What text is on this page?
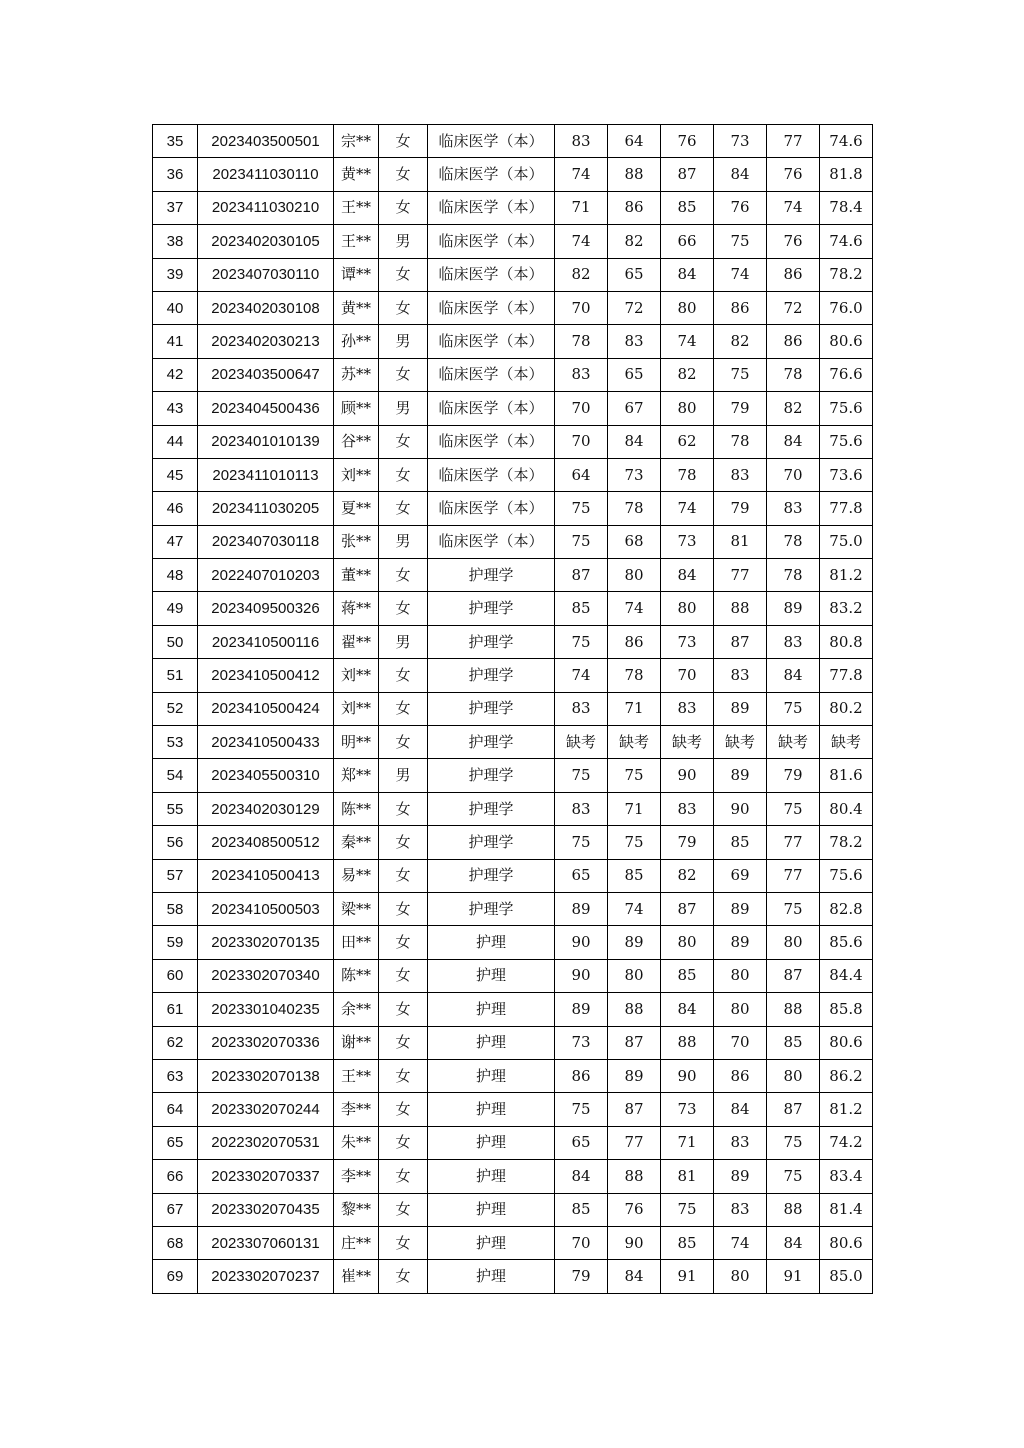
35	2023403500501	宗**	女	临床医学（本）	83	64	76	73	77	74.6
36	2023411030110	黄**	女	临床医学（本）	74	88	87	84	76	81.8
37	2023411030210	王**	女	临床医学（本）	71	86	85	76	74	78.4
38	2023402030105	王**	男	临床医学（本）	74	82	66	75	76	74.6
39	2023407030110	谭**	女	临床医学（本）	82	65	84	74	86	78.2
40	2023402030108	黄**	女	临床医学（本）	70	72	80	86	72	76.0
41	2023402030213	孙**	男	临床医学（本）	78	83	74	82	86	80.6
42	2023403500647	苏**	女	临床医学（本）	83	65	82	75	78	76.6
43	2023404500436	顾**	男	临床医学（本）	70	67	80	79	82	75.6
44	2023401010139	谷**	女	临床医学（本）	70	84	62	78	84	75.6
45	2023411010113	刘**	女	临床医学（本）	64	73	78	83	70	73.6
46	2023411030205	夏**	女	临床医学（本）	75	78	74	79	83	77.8
47	2023407030118	张**	男	临床医学（本）	75	68	73	81	78	75.0
48	2022407010203	董**	女	护理学	87	80	84	77	78	81.2
49	2023409500326	蒋**	女	护理学	85	74	80	88	89	83.2
50	2023410500116	翟**	男	护理学	75	86	73	87	83	80.8
51	2023410500412	刘**	女	护理学	74	78	70	83	84	77.8
52	2023410500424	刘**	女	护理学	83	71	83	89	75	80.2
53	2023410500433	明**	女	护理学	缺考	缺考	缺考	缺考	缺考	缺考
54	2023405500310	郑**	男	护理学	75	75	90	89	79	81.6
55	2023402030129	陈**	女	护理学	83	71	83	90	75	80.4
56	2023408500512	秦**	女	护理学	75	75	79	85	77	78.2
57	2023410500413	易**	女	护理学	65	85	82	69	77	75.6
58	2023410500503	梁**	女	护理学	89	74	87	89	75	82.8
59	2023302070135	田**	女	护理	90	89	80	89	80	85.6
60	2023302070340	陈**	女	护理	90	80	85	80	87	84.4
61	2023301040235	余**	女	护理	89	88	84	80	88	85.8
62	2023302070336	谢**	女	护理	73	87	88	70	85	80.6
63	2023302070138	王**	女	护理	86	89	90	86	80	86.2
64	2023302070244	李**	女	护理	75	87	73	84	87	81.2
65	2022302070531	朱**	女	护理	65	77	71	83	75	74.2
66	2023302070337	李**	女	护理	84	88	81	89	75	83.4
67	2023302070435	黎**	女	护理	85	76	75	83	88	81.4
68	2023307060131	庄**	女	护理	70	90	85	74	84	80.6
69	2023302070237	崔**	女	护理	79	84	91	80	91	85.0
